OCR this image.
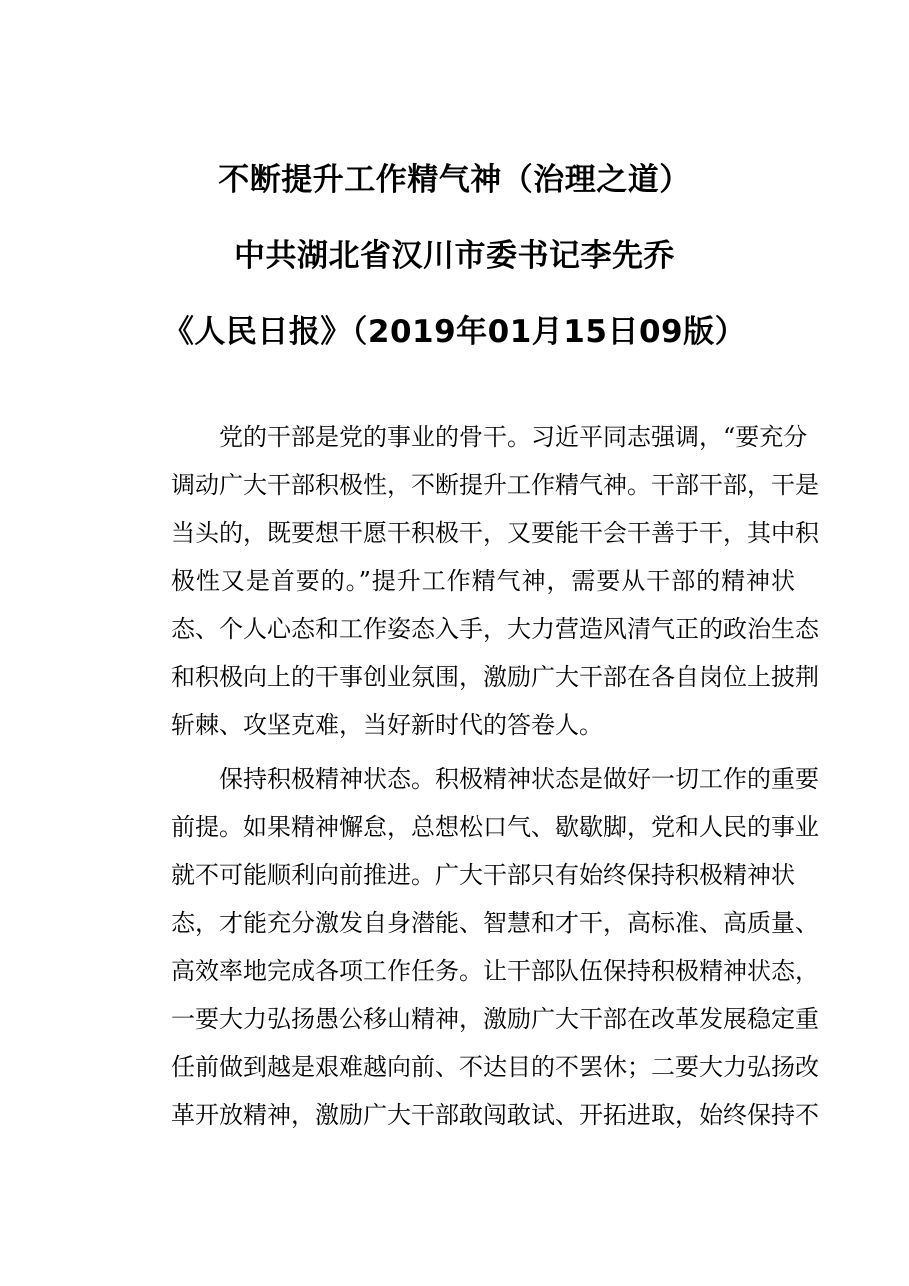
不断提升工作精气神（治理之道）
中共湖北省汉川市委书记李先乔
《人民日报》（2019年01月15日09版）
党的干部是党的事业的骨干。习近平同志强调，“要充分
调动广大干部积极性，不断提升工作精气神。干部干部，干是
当头的，既要想干愿干积极干，又要能干会干善于干，其中积
极性又是首要的。”提升工作精气神，需要从干部的精神状
态、个人心态和工作姿态入手，大力营造风清气正的政治生态
和积极向上的干事创业氛围，激励广大干部在各自岗位上披荆
斩棘、攻坚克难，当好新时代的答卷人。
保持积极精神状态。积极精神状态是做好一切工作的重要
前提。如果精神懈怠，总想松口气、歇歇脚，党和人民的事业
就不可能顺利向前推进。广大干部只有始终保持积极精神状
态，才能充分激发自身潜能、智慧和才干，高标准、高质量、
高效率地完成各项工作任务。让干部队伍保持积极精神状态，
一要大力弘扬愚公移山精神，激励广大干部在改革发展稳定重
任前做到越是艰难越向前、不达目的不罢休；二要大力弘扬改
革开放精神，激励广大干部敢闯敢试、开拓进取，始终保持不
